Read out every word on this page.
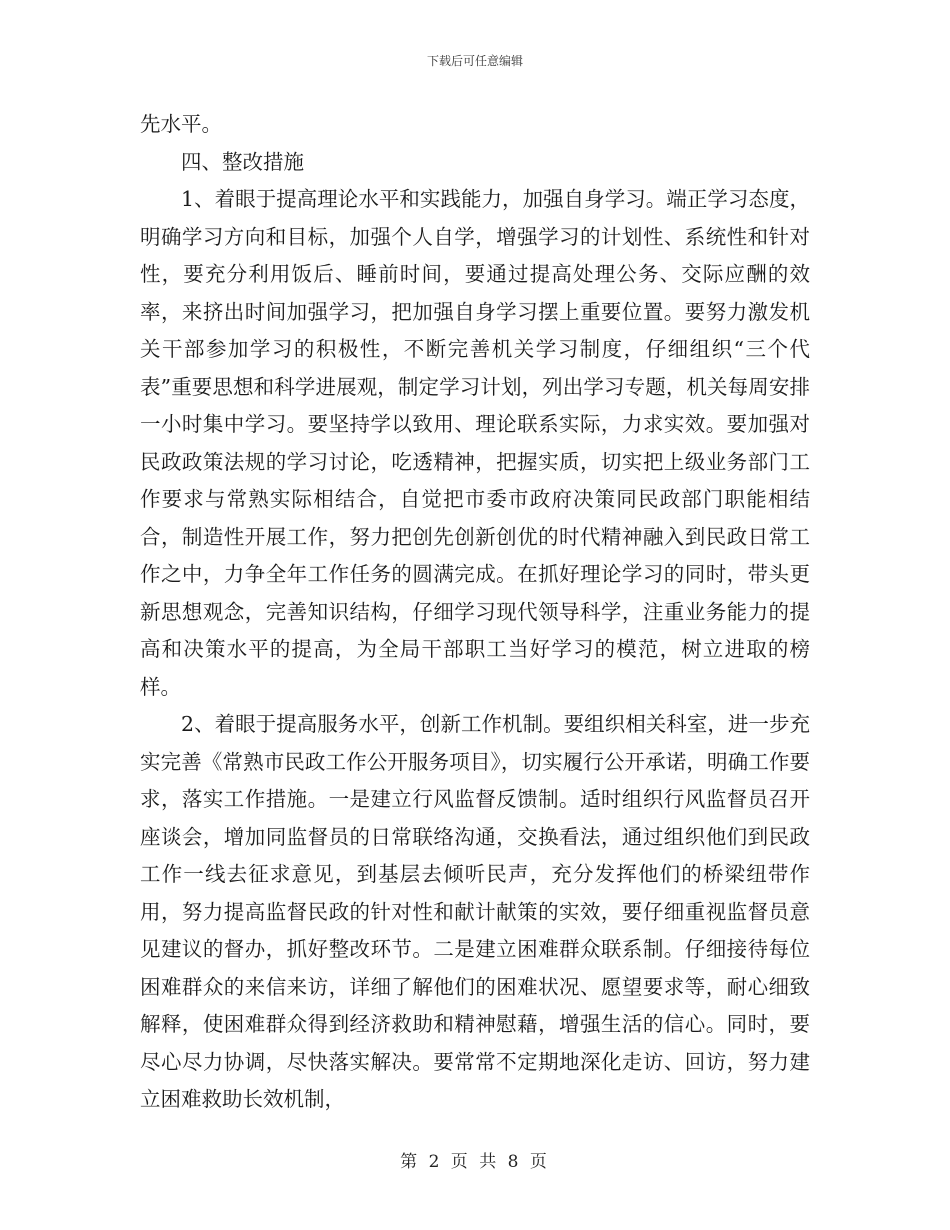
下载后可任意编辑

先水平。

四、整改措施

1、着眼于提高理论水平和实践能力，加强自身学习。端正学习态度，明确学习方向和目标，加强个人自学，增强学习的计划性、系统性和针对性，要充分利用饭后、睡前时间，要通过提高处理公务、交际应酬的效率，来挤出时间加强学习，把加强自身学习摆上重要位置。要努力激发机关干部参加学习的积极性，不断完善机关学习制度，仔细组织“三个代表”重要思想和科学进展观，制定学习计划，列出学习专题，机关每周安排一小时集中学习。要坚持学以致用、理论联系实际，力求实效。要加强对民政政策法规的学习讨论，吃透精神，把握实质，切实把上级业务部门工作要求与常熟实际相结合，自觉把市委市政府决策同民政部门职能相结合，制造性开展工作，努力把创先创新创优的时代精神融入到民政日常工作之中，力争全年工作任务的圆满完成。在抓好理论学习的同时，带头更新思想观念，完善知识结构，仔细学习现代领导科学，注重业务能力的提高和决策水平的提高，为全局干部职工当好学习的模范，树立进取的榜样。

2、着眼于提高服务水平，创新工作机制。要组织相关科室，进一步充实完善《常熟市民政工作公开服务项目》，切实履行公开承诺，明确工作要求，落实工作措施。一是建立行风监督反馈制。适时组织行风监督员召开座谈会，增加同监督员的日常联络沟通，交换看法，通过组织他们到民政工作一线去征求意见，到基层去倾听民声，充分发挥他们的桥梁纽带作用，努力提高监督民政的针对性和献计献策的实效，要仔细重视监督员意见建议的督办，抓好整改环节。二是建立困难群众联系制。仔细接待每位困难群众的来信来访，详细了解他们的困难状况、愿望要求等，耐心细致解释，使困难群众得到经济救助和精神慰藉，增强生活的信心。同时，要尽心尽力协调，尽快落实解决。要常常不定期地深化走访、回访，努力建立困难救助长效机制，

第 2 页 共 8 页
